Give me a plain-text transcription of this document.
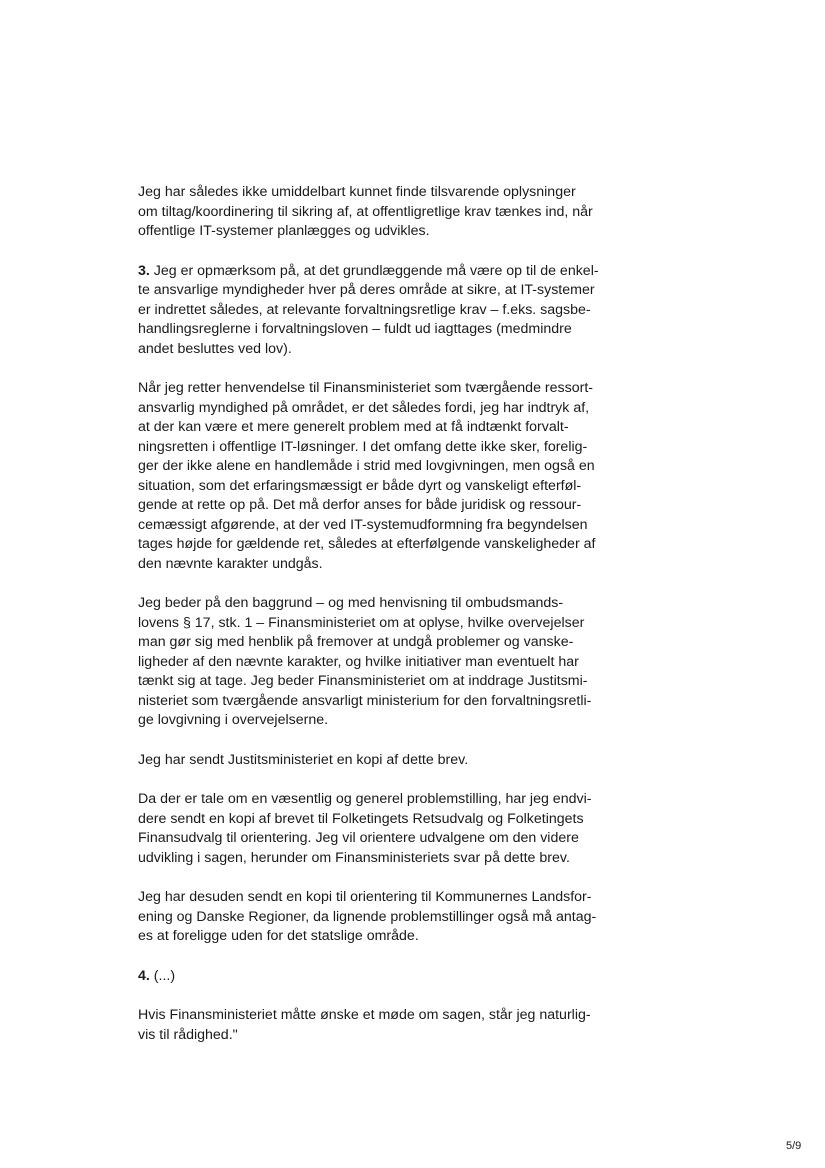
Jeg har således ikke umiddelbart kunnet finde tilsvarende oplysninger
om tiltag/koordinering til sikring af, at offentligretlige krav tænkes ind, når
offentlige IT-systemer planlægges og udvikles.
3. Jeg er opmærksom på, at det grundlæggende må være op til de enkel-
te ansvarlige myndigheder hver på deres område at sikre, at IT-systemer
er indrettet således, at relevante forvaltningsretlige krav – f.eks. sagsbe-
handlingsreglerne i forvaltningsloven – fuldt ud iagttages (medmindre
andet besluttes ved lov).
Når jeg retter henvendelse til Finansministeriet som tværgående ressort-
ansvarlig myndighed på området, er det således fordi, jeg har indtryk af,
at der kan være et mere generelt problem med at få indtænkt forvalt-
ningsretten i offentlige IT-løsninger. I det omfang dette ikke sker, forelig-
ger der ikke alene en handlemåde i strid med lovgivningen, men også en
situation, som det erfaringsmæssigt er både dyrt og vanskeligt efterføl-
gende at rette op på. Det må derfor anses for både juridisk og ressour-
cemæssigt afgørende, at der ved IT-systemudformning fra begyndelsen
tages højde for gældende ret, således at efterfølgende vanskeligheder af
den nævnte karakter undgås.
Jeg beder på den baggrund – og med henvisning til ombudsmands-
lovens § 17, stk. 1 – Finansministeriet om at oplyse, hvilke overvejelser
man gør sig med henblik på fremover at undgå problemer og vanske-
ligheder af den nævnte karakter, og hvilke initiativer man eventuelt har
tænkt sig at tage. Jeg beder Finansministeriet om at inddrage Justitsmi-
nisteriet som tværgående ansvarligt ministerium for den forvaltningsretli-
ge lovgivning i overvejelserne.
Jeg har sendt Justitsministeriet en kopi af dette brev.
Da der er tale om en væsentlig og generel problemstilling, har jeg endvi-
dere sendt en kopi af brevet til Folketingets Retsudvalg og Folketingets
Finansudvalg til orientering. Jeg vil orientere udvalgene om den videre
udvikling i sagen, herunder om Finansministeriets svar på dette brev.
Jeg har desuden sendt en kopi til orientering til Kommunernes Landsfor-
ening og Danske Regioner, da lignende problemstillinger også må antag-
es at foreligge uden for det statslige område.
4. (...)
Hvis Finansministeriet måtte ønske et møde om sagen, står jeg naturlig-
vis til rådighed."
5/9
